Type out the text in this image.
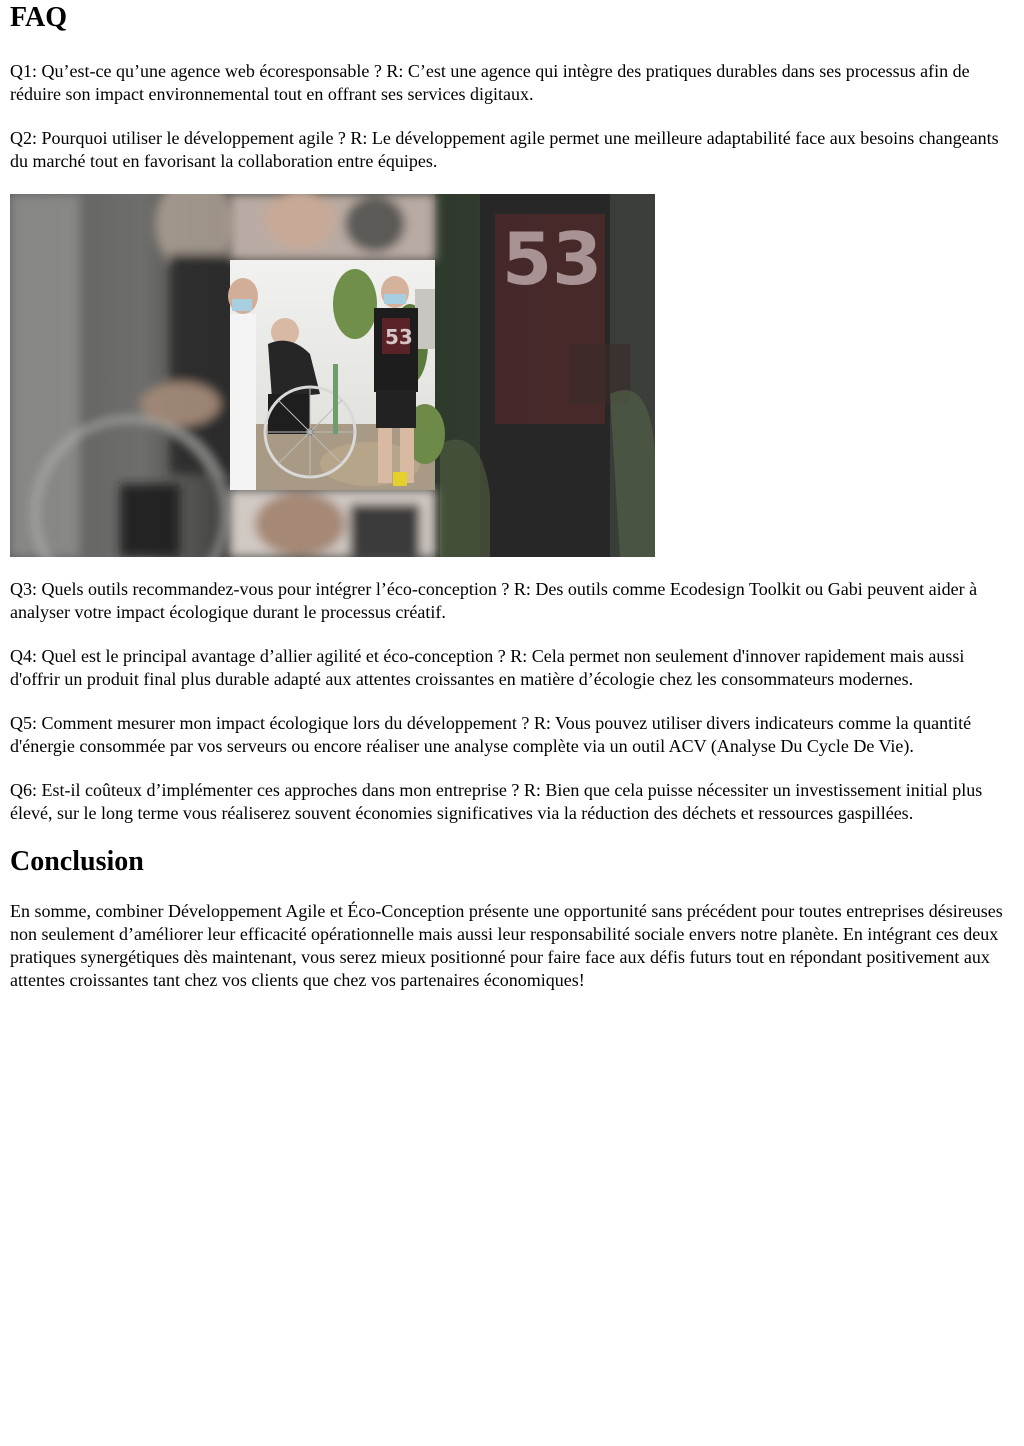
FAQ

Q1: Qu’est-ce qu’une agence web écoresponsable ? R: C’est une agence qui intègre des pratiques durables dans ses processus afin de réduire son impact environnemental tout en offrant ses services digitaux.

Q2: Pourquoi utiliser le développement agile ? R: Le développement agile permet une meilleure adaptabilité face aux besoins changeants du marché tout en favorisant la collaboration entre équipes.

53
53

Q3: Quels outils recommandez-vous pour intégrer l’éco-conception ? R: Des outils comme Ecodesign Toolkit ou Gabi peuvent aider à analyser votre impact écologique durant le processus créatif.

Q4: Quel est le principal avantage d’allier agilité et éco-conception ? R: Cela permet non seulement d'innover rapidement mais aussi d'offrir un produit final plus durable adapté aux attentes croissantes en matière d’écologie chez les consommateurs modernes.

Q5: Comment mesurer mon impact écologique lors du développement ? R: Vous pouvez utiliser divers indicateurs comme la quantité d'énergie consommée par vos serveurs ou encore réaliser une analyse complète via un outil ACV (Analyse Du Cycle De Vie).

Q6: Est-il coûteux d’implémenter ces approches dans mon entreprise ? R: Bien que cela puisse nécessiter un investissement initial plus élevé, sur le long terme vous réaliserez souvent économies significatives via la réduction des déchets et ressources gaspillées.

Conclusion

En somme, combiner Développement Agile et Éco-Conception présente une opportunité sans précédent pour toutes entreprises désireuses non seulement d’améliorer leur efficacité opérationnelle mais aussi leur responsabilité sociale envers notre planète. En intégrant ces deux pratiques synergétiques dès maintenant, vous serez mieux positionné pour faire face aux défis futurs tout en répondant positivement aux attentes croissantes tant chez vos clients que chez vos partenaires économiques!
